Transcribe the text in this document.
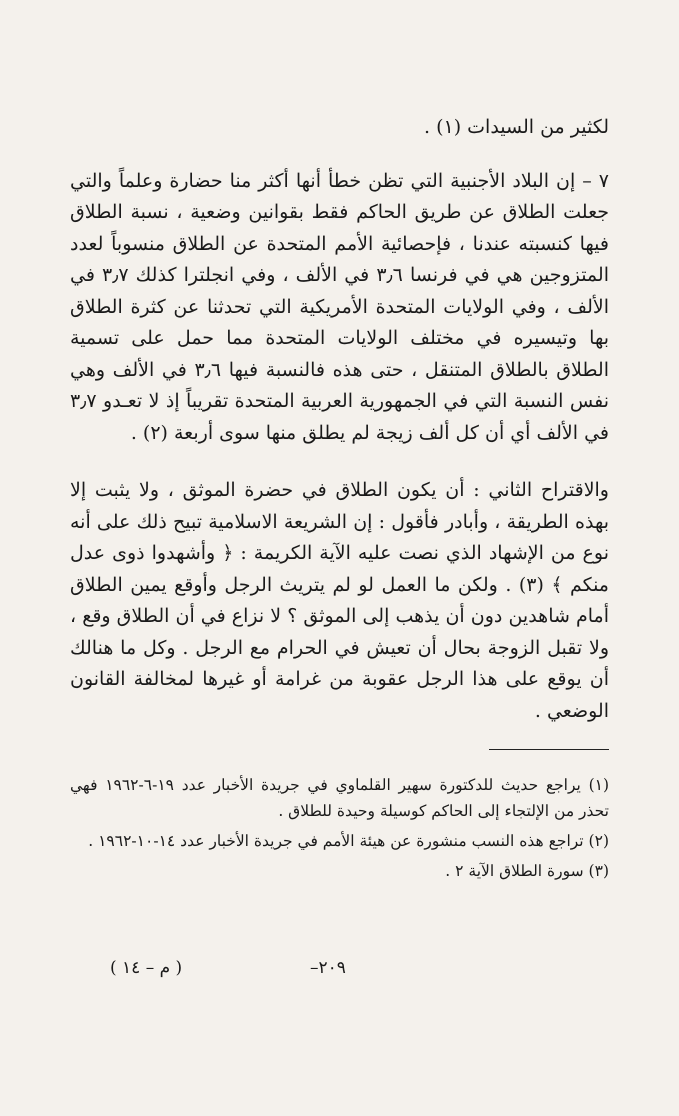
لكثير من السيدات (١) .

٧ – إن البلاد الأجنبية التي تظن خطأ أنها أكثر منا حضارة وعلماً والتي جعلت الطلاق عن طريق الحاكم فقط بقوانين وضعية ، نسبة الطلاق فيها كنسبته عندنا ، فإحصائية الأمم المتحدة عن الطلاق منسوباً لعدد المتزوجين هي في فرنسا ٣٫٦ في الألف ، وفي انجلترا كذلك ٣٫٧ في الألف ، وفي الولايات المتحدة الأمريكية التي تحدثنا عن كثرة الطلاق بها وتيسيره في مختلف الولايات المتحدة مما حمل على تسمية الطلاق بالطلاق المتنقل ، حتى هذه فالنسبة فيها ٣٫٦ في الألف وهي نفس النسبة التي في الجمهورية العربية المتحدة تقريباً إذ لا تعـدو ٣٫٧ في الألف أي أن كل ألف زيجة لم يطلق منها سوى أربعة (٢) .

والاقتراح الثاني : أن يكون الطلاق في حضرة الموثق ، ولا يثبت إلا بهذه الطريقة ، وأبادر فأقول : إن الشريعة الاسلامية تبيح ذلك على أنه نوع من الإشهاد الذي نصت عليه الآية الكريمة : ﴿ وأشهدوا ذوى عدل منكم ﴾ (٣) . ولكن ما العمل لو لم يتريث الرجل وأوقع يمين الطلاق أمام شاهدين دون أن يذهب إلى الموثق ؟ لا نزاع في أن الطلاق وقع ، ولا تقبل الزوجة بحال أن تعيش في الحرام مع الرجل . وكل ما هنالك أن يوقع على هذا الرجل عقوبة من غرامة أو غيرها لمخالفة القانون الوضعي .

(١) يراجع حديث للدكتورة سهير القلماوي في جريدة الأخبار عدد ١٩-٦-١٩٦٢ فهي تحذر من الإلتجاء إلى الحاكم كوسيلة وحيدة للطلاق .

(٢) تراجع هذه النسب منشورة عن هيئة الأمم في جريدة الأخبار عدد ١٤-١٠-١٩٦٢ .

(٣) سورة الطلاق الآية ٢ .

( م – ١٤ )	–٢٠٩
